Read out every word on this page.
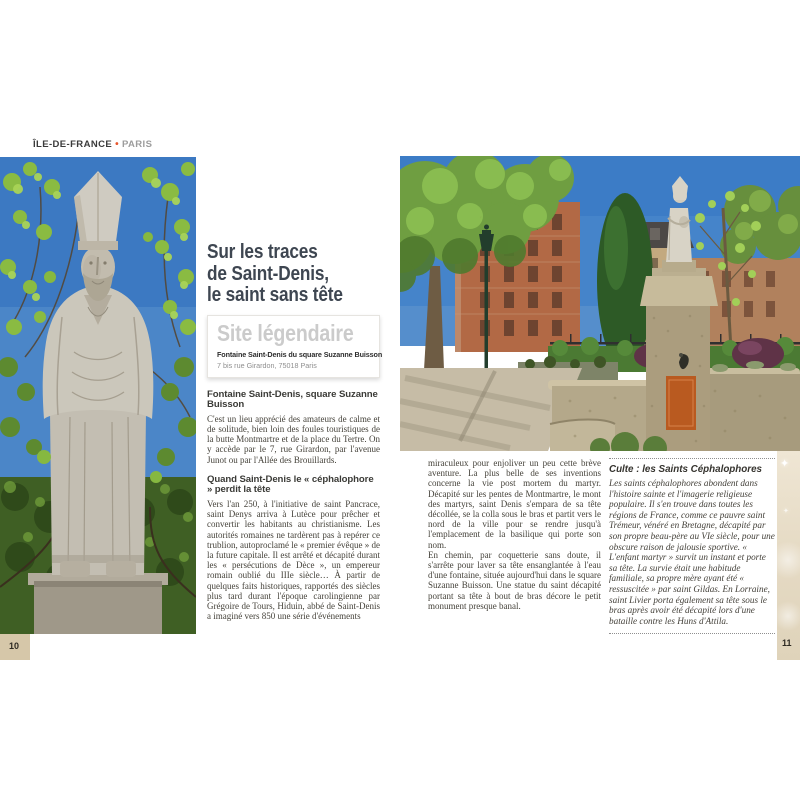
ÎLE-DE-FRANCE • PARIS
10
Sur les traces
de Saint-Denis,
le saint sans tête
Site légendaire
Fontaine Saint-Denis du square Suzanne Buisson
7 bis rue Girardon, 75018 Paris
Fontaine Saint-Denis, square Suzanne Buisson

C'est un lieu apprécié des amateurs de calme et de solitude, bien loin des foules touristiques de la butte Montmartre et de la place du Tertre. On y accède par le 7, rue Girardon, par l'avenue Junot ou par l'Allée des Brouillards.

Quand Saint-Denis le « céphalophore » perdit la tête

Vers l'an 250, à l'initiative de saint Pancrace, saint Denys arriva à Lutèce pour prêcher et convertir les habitants au christianisme. Les autorités romaines ne tardèrent pas à repérer ce trublion, autoproclamé le « premier évêque » de la future capitale. Il est arrêté et décapité durant les « persécutions de Dèce », un empereur romain oublié du IIIe siècle… À partir de quelques faits historiques, rapportés des siècles plus tard durant l'époque carolingienne par Grégoire de Tours, Hiduin, abbé de Saint-Denis a imaginé vers 850 une série d'événements

miraculeux pour enjoliver un peu cette brève aventure. La plus belle de ses inventions concerne la vie post mortem du martyr. Décapité sur les pentes de Montmartre, le mont des martyrs, saint Denis s'empara de sa tête décollée, se la colla sous le bras et partit vers le nord de la ville pour se rendre jusqu'à l'emplacement de la basilique qui porte son nom.

En chemin, par coquetterie sans doute, il s'arrête pour laver sa tête ensanglantée à l'eau d'une fontaine, située aujourd'hui dans le square Suzanne Buisson. Une statue du saint décapité portant sa tête à bout de bras décore le petit monument presque banal.

Culte : les Saints Céphalophores
Les saints céphalophores abondent dans l'histoire sainte et l'imagerie religieuse populaire. Il s'en trouve dans toutes les régions de France, comme ce pauvre saint Trémeur, vénéré en Bretagne, décapité par son propre beau-père au VIe siècle, pour une obscure raison de jalousie sportive. « L'enfant martyr » survit un instant et porte sa tête. La survie était une habitude familiale, sa propre mère ayant été « ressuscitée » par saint Gildas. En Lorraine, saint Livier porta également sa tête sous le bras après avoir été décapité lors d'une bataille contre les Huns d'Attila.
✦
✦
11
